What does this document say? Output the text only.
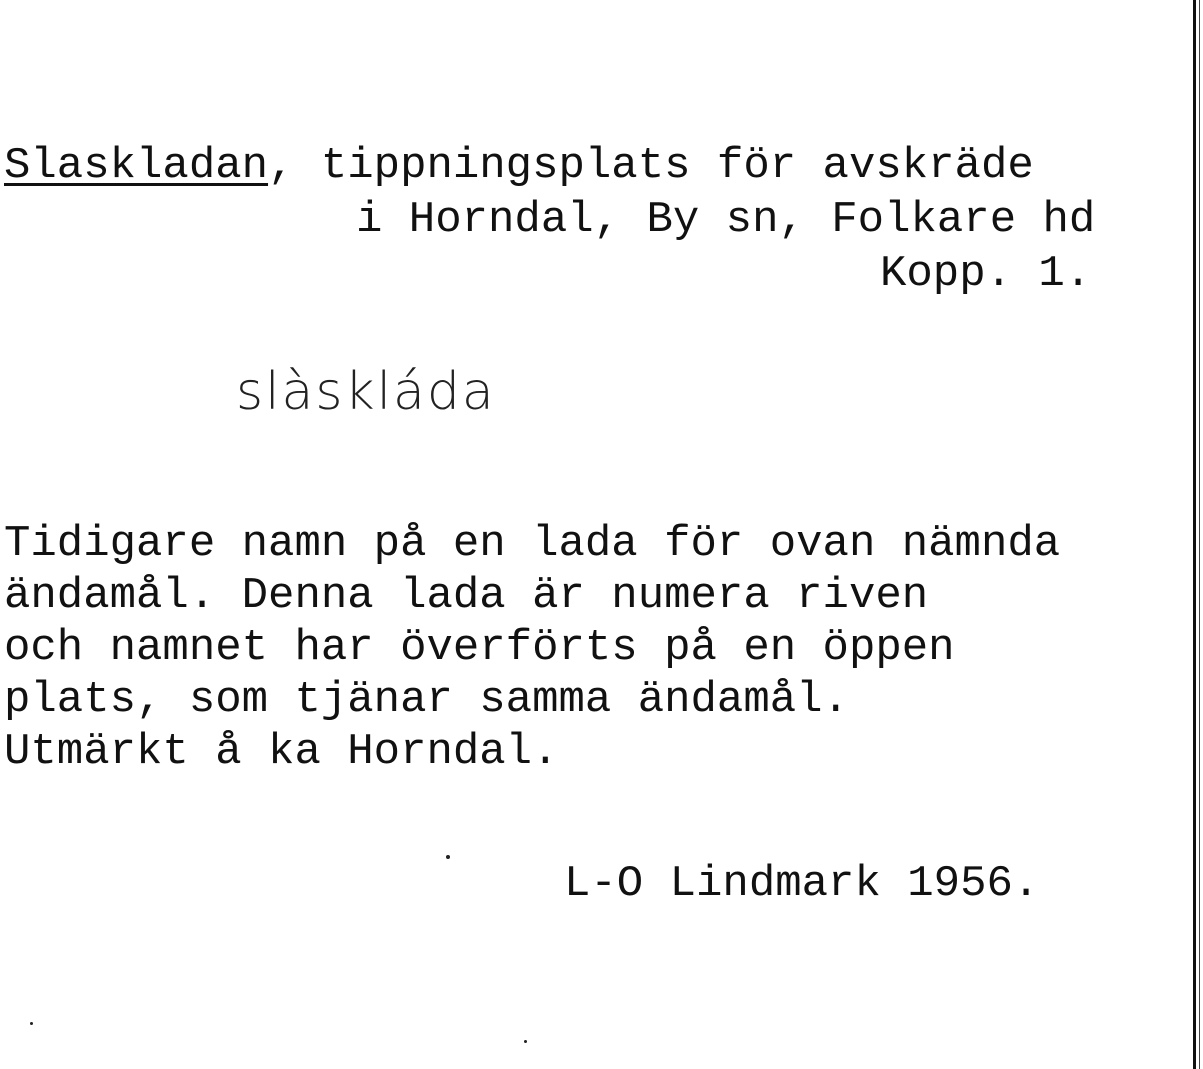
Slaskladan, tippningsplats för avskräde
i Horndal, By sn, Folkare hd
Kopp. 1.
slàskláda
Tidigare namn på en lada för ovan nämnda
ändamål. Denna lada är numera riven
och namnet har överförts på en öppen
plats, som tjänar samma ändamål.
Utmärkt å ka Horndal.
L-O Lindmark 1956.
